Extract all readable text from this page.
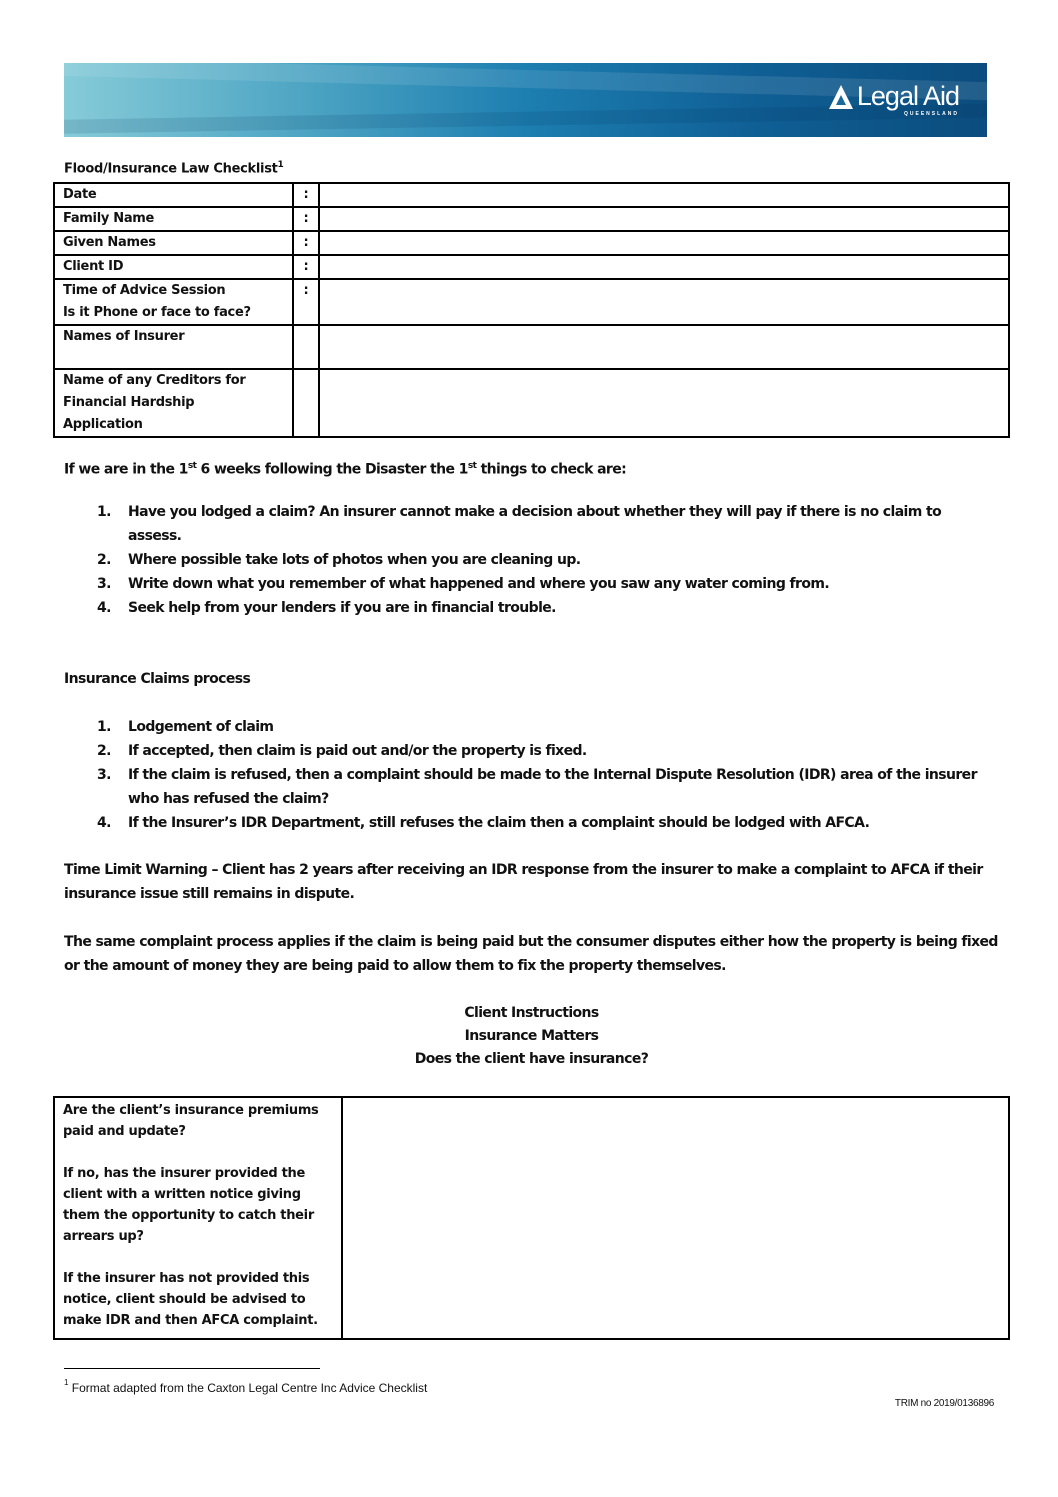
Legal Aid
QUEENSLAND
Flood/Insurance Law Checklist$^1$
Date	:	
Family Name	:	
Given Names	:	
Client ID	:	

Time of Advice Session
Is it Phone or face to face?	:	
Names of Insurer		

Name of any Creditors for
Financial Hardship
Application		

If we are in the 1st 6 weeks following the Disaster the 1st things to check are:
1. Have you lodged a claim? An insurer cannot make a decision about whether they will pay if there is no claim to assess.
2. Where possible take lots of photos when you are cleaning up.
3. Write down what you remember of what happened and where you saw any water coming from.
4. Seek help from your lenders if you are in financial trouble.
Insurance Claims process
1. Lodgement of claim
2. If accepted, then claim is paid out and/or the property is fixed.
3. If the claim is refused, then a complaint should be made to the Internal Dispute Resolution (IDR) area of the insurer who has refused the claim?
4. If the Insurer’s IDR Department, still refuses the claim then a complaint should be lodged with AFCA.
Time Limit Warning – Client has 2 years after receiving an IDR response from the insurer to make a complaint to AFCA if their insurance issue still remains in dispute.
The same complaint process applies if the claim is being paid but the consumer disputes either how the property is being fixed or the amount of money they are being paid to allow them to fix the property themselves.
Client Instructions
Insurance Matters
Does the client have insurance?

Are the client’s insurance premiums paid and update?

If no, has the insurer provided the client with a written notice giving them the opportunity to catch their arrears up?

If the insurer has not provided this notice, client should be advised to make IDR and then AFCA complaint.

$^1$ Format adapted from the Caxton Legal Centre Inc Advice Checklist
TRIM no 2019/0136896
